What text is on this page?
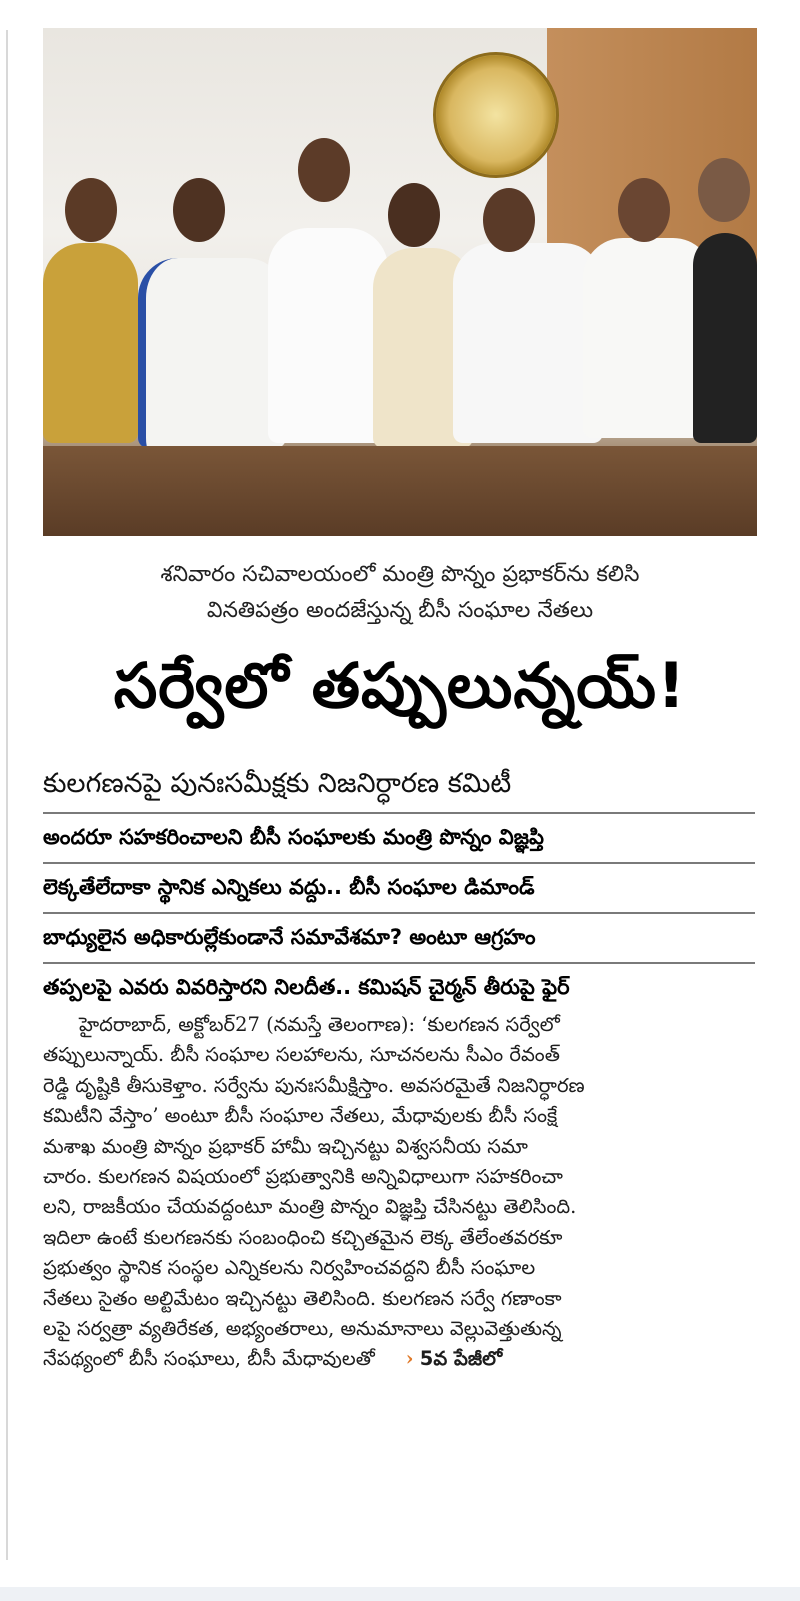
శనివారం సచివాలయంలో మంత్రి పొన్నం ప్రభాకర్‌ను కలిసి
వినతిపత్రం అందజేస్తున్న బీసీ సంఘాల నేతలు
సర్వేలో తప్పులున్నయ్‌!
కులగణనపై పునఃసమీక్షకు నిజనిర్ధారణ కమిటీ
అందరూ సహకరించాలని బీసీ సంఘాలకు మంత్రి పొన్నం విజ్ఞప్తి
లెక్కతేలేదాకా స్థానిక ఎన్నికలు వద్దు.. బీసీ సంఘాల డిమాండ్‌
బాధ్యులైన అధికారుల్లేకుండానే సమావేశమా? అంటూ ఆగ్రహం
తప్పలపై ఎవరు వివరిస్తారని నిలదీత.. కమిషన్‌ చైర్మన్‌ తీరుపై ఫైర్‌
హైదరాబాద్‌, అక్టోబర్‌27 (నమస్తే తెలంగాణ): ‘కులగణన సర్వేలో
తప్పులున్నాయ్‌. బీసీ సంఘాల సలహాలను, సూచనలను సీఎం రేవంత్‌
రెడ్డి దృష్టికి తీసుకెళ్తాం. సర్వేను పునఃసమీక్షిస్తాం. అవసరమైతే నిజనిర్ధారణ
కమిటీని వేస్తాం’ అంటూ బీసీ సంఘాల నేతలు, మేధావులకు బీసీ సంక్షే
మశాఖ మంత్రి పొన్నం ప్రభాకర్‌ హామీ ఇచ్చినట్టు విశ్వసనీయ సమా
చారం. కులగణన విషయంలో ప్రభుత్వానికి అన్నివిధాలుగా సహకరించా
లని, రాజకీయం చేయవద్దంటూ మంత్రి పొన్నం విజ్ఞప్తి చేసినట్టు తెలిసింది.
ఇదిలా ఉంటే కులగణనకు సంబంధించి కచ్చితమైన లెక్క తేలేంతవరకూ
ప్రభుత్వం స్థానిక సంస్థల ఎన్నికలను నిర్వహించవద్దని బీసీ సంఘాల
నేతలు సైతం అల్టిమేటం ఇచ్చినట్టు తెలిసింది. కులగణన సర్వే గణాంకా
లపై సర్వత్రా వ్యతిరేకత, అభ్యంతరాలు, అనుమానాలు వెల్లువెత్తుతున్న
నేపథ్యంలో బీసీ సంఘాలు, బీసీ మేధావులతో › 5వ పేజీలో
